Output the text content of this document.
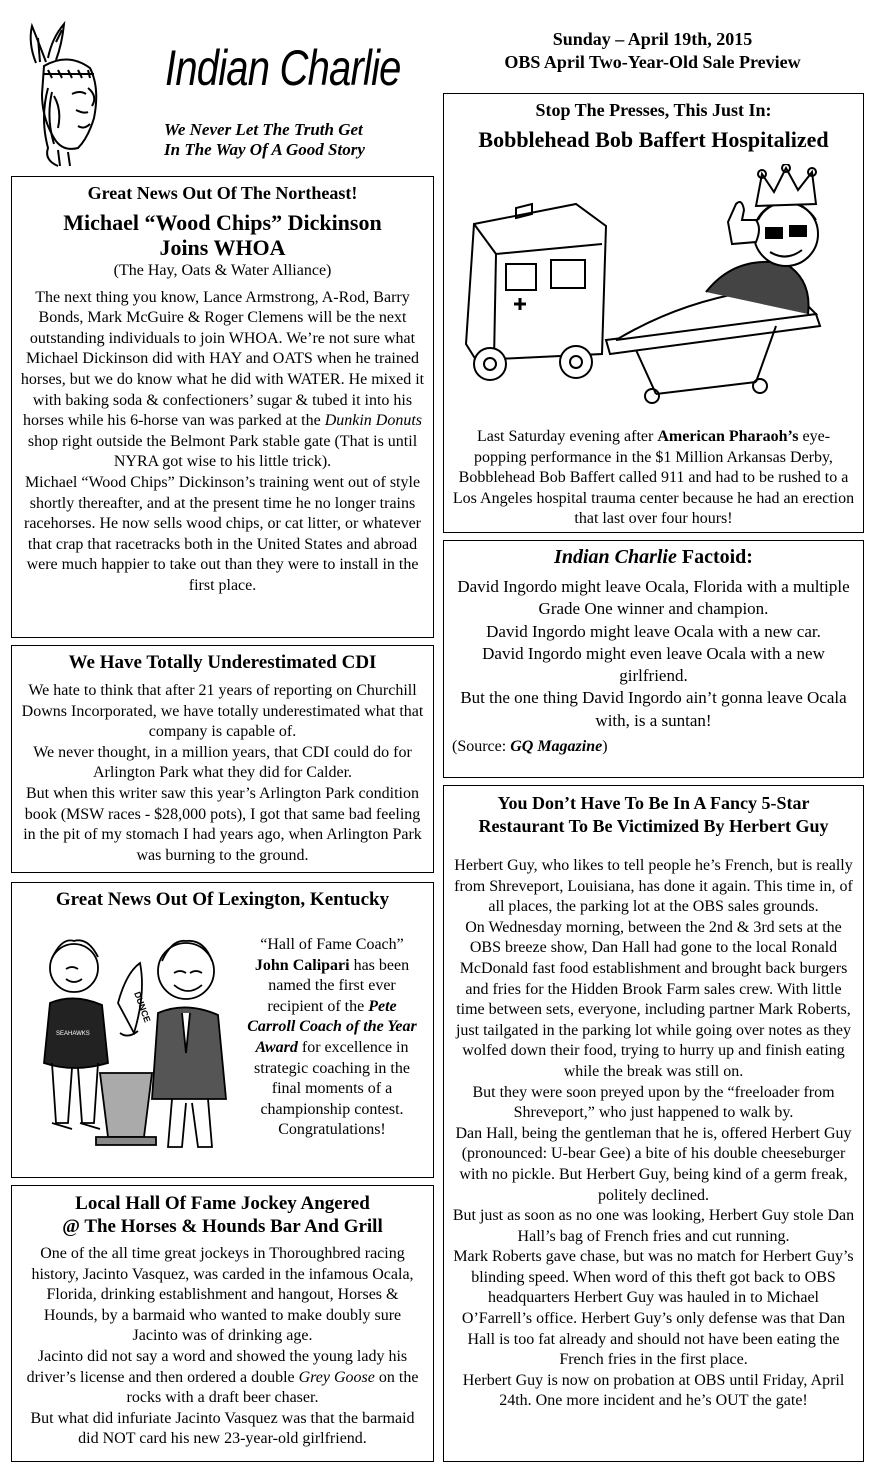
Indian Charlie
We Never Let The Truth Get
In The Way Of A Good Story
Sunday – April 19th, 2015
OBS April Two-Year-Old Sale Preview
Great News Out Of The Northeast!
Michael “Wood Chips” Dickinson
Joins WHOA
(The Hay, Oats & Water Alliance)

The next thing you know, Lance Armstrong, A-Rod, Barry Bonds, Mark McGuire & Roger Clemens will be the next outstanding individuals to join WHOA. We’re not sure what Michael Dickinson did with HAY and OATS when he trained horses, but we do know what he did with WATER. He mixed it with baking soda & confectioners’ sugar & tubed it into his horses while his 6-horse van was parked at the Dunkin Donuts shop right outside the Belmont Park stable gate (That is until NYRA got wise to his little trick).

Michael “Wood Chips” Dickinson’s training went out of style shortly thereafter, and at the present time he no longer trains racehorses. He now sells wood chips, or cat litter, or whatever that crap that racetracks both in the United States and abroad were much happier to take out than they were to install in the first place.

We Have Totally Underestimated CDI

We hate to think that after 21 years of reporting on Churchill Downs Incorporated, we have totally underestimated what that company is capable of.

We never thought, in a million years, that CDI could do for Arlington Park what they did for Calder.

But when this writer saw this year’s Arlington Park condition book (MSW races - $28,000 pots), I got that same bad feeling in the pit of my stomach I had years ago, when Arlington Park was burning to the ground.

Great News Out Of Lexington, Kentucky
DUNCE
SEAHAWKS

“Hall of Fame Coach” John Calipari has been named the first ever recipient of the Pete Carroll Coach of the Year Award for excellence in strategic coaching in the final moments of a championship contest. Congratulations!

Local Hall Of Fame Jockey Angered
@ The Horses & Hounds Bar And Grill

One of the all time great jockeys in Thoroughbred racing history, Jacinto Vasquez, was carded in the infamous Ocala, Florida, drinking establishment and hangout, Horses & Hounds, by a barmaid who wanted to make doubly sure Jacinto was of drinking age.

Jacinto did not say a word and showed the young lady his driver’s license and then ordered a double Grey Goose on the rocks with a draft beer chaser.

But what did infuriate Jacinto Vasquez was that the barmaid did NOT card his new 23-year-old girlfriend.

Stop The Presses, This Just In:
Bobblehead Bob Baffert Hospitalized

Last Saturday evening after American Pharaoh’s eye-popping performance in the $1 Million Arkansas Derby, Bobblehead Bob Baffert called 911 and had to be rushed to a Los Angeles hospital trauma center because he had an erection that last over four hours!

Indian Charlie Factoid:

David Ingordo might leave Ocala, Florida with a multiple Grade One winner and champion.

David Ingordo might leave Ocala with a new car.

David Ingordo might even leave Ocala with a new girlfriend.

But the one thing David Ingordo ain’t gonna leave Ocala with, is a suntan!

(Source: GQ Magazine)
You Don’t Have To Be In A Fancy 5-Star
Restaurant To Be Victimized By Herbert Guy

Herbert Guy, who likes to tell people he’s French, but is really from Shreveport, Louisiana, has done it again. This time in, of all places, the parking lot at the OBS sales grounds.

On Wednesday morning, between the 2nd & 3rd sets at the OBS breeze show, Dan Hall had gone to the local Ronald McDonald fast food establishment and brought back burgers and fries for the Hidden Brook Farm sales crew. With little time between sets, everyone, including partner Mark Roberts, just tailgated in the parking lot while going over notes as they wolfed down their food, trying to hurry up and finish eating while the break was still on.

But they were soon preyed upon by the “freeloader from Shreveport,” who just happened to walk by.

Dan Hall, being the gentleman that he is, offered Herbert Guy (pronounced: U-bear Gee) a bite of his double cheeseburger with no pickle. But Herbert Guy, being kind of a germ freak, politely declined.

But just as soon as no one was looking, Herbert Guy stole Dan Hall’s bag of French fries and cut running.

Mark Roberts gave chase, but was no match for Herbert Guy’s blinding speed. When word of this theft got back to OBS headquarters Herbert Guy was hauled in to Michael O’Farrell’s office. Herbert Guy’s only defense was that Dan Hall is too fat already and should not have been eating the French fries in the first place.

Herbert Guy is now on probation at OBS until Friday, April 24th. One more incident and he’s OUT the gate!
